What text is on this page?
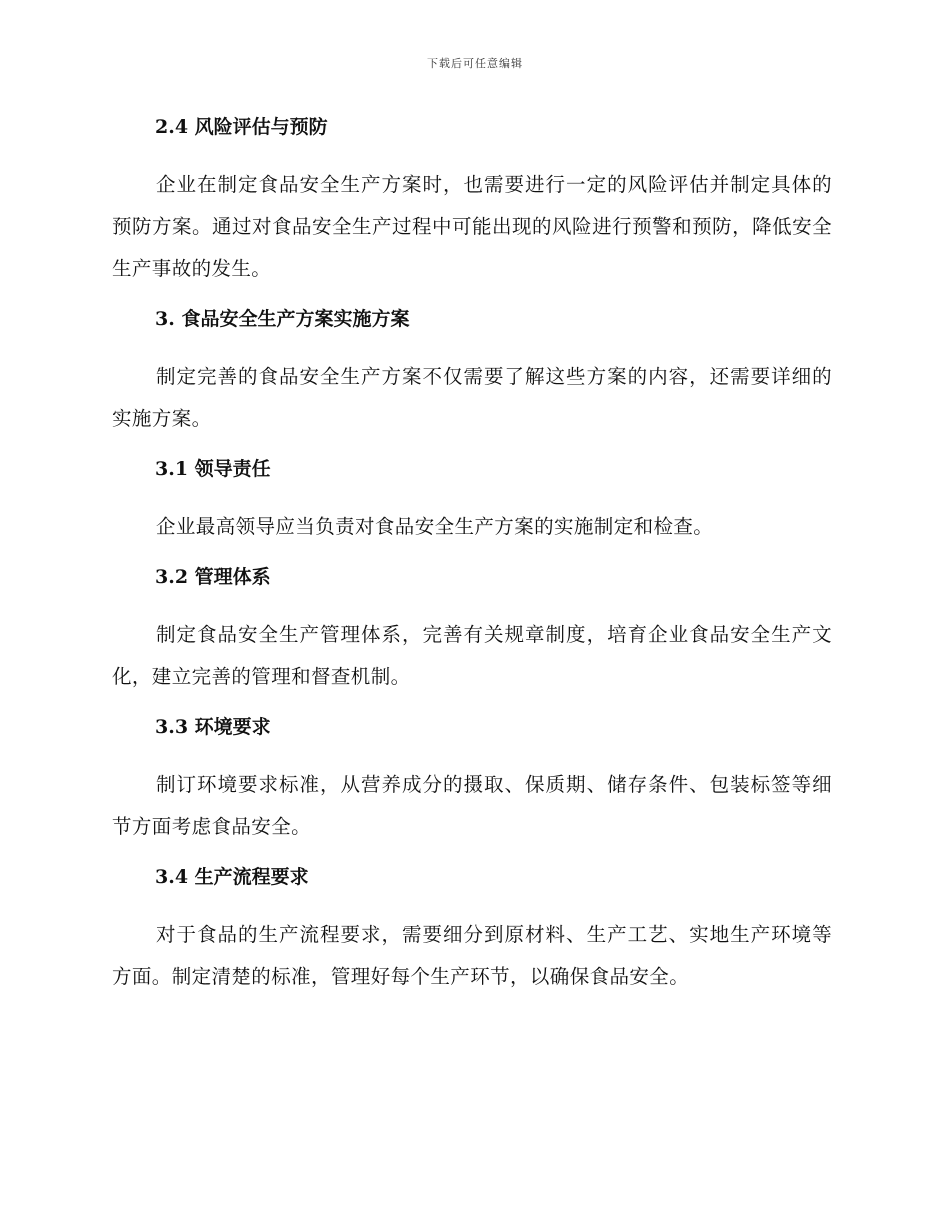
下载后可任意编辑
2.4 风险评估与预防

企业在制定食品安全生产方案时，也需要进行一定的风险评估并制定具体的预防方案。通过对食品安全生产过程中可能出现的风险进行预警和预防，降低安全生产事故的发生。

3. 食品安全生产方案实施方案

制定完善的食品安全生产方案不仅需要了解这些方案的内容，还需要详细的实施方案。

3.1 领导责任

企业最高领导应当负责对食品安全生产方案的实施制定和检查。

3.2 管理体系

制定食品安全生产管理体系，完善有关规章制度，培育企业食品安全生产文化，建立完善的管理和督查机制。

3.3 环境要求

制订环境要求标准，从营养成分的摄取、保质期、储存条件、包装标签等细节方面考虑食品安全。

3.4 生产流程要求

对于食品的生产流程要求，需要细分到原材料、生产工艺、实地生产环境等方面。制定清楚的标准，管理好每个生产环节，以确保食品安全。
